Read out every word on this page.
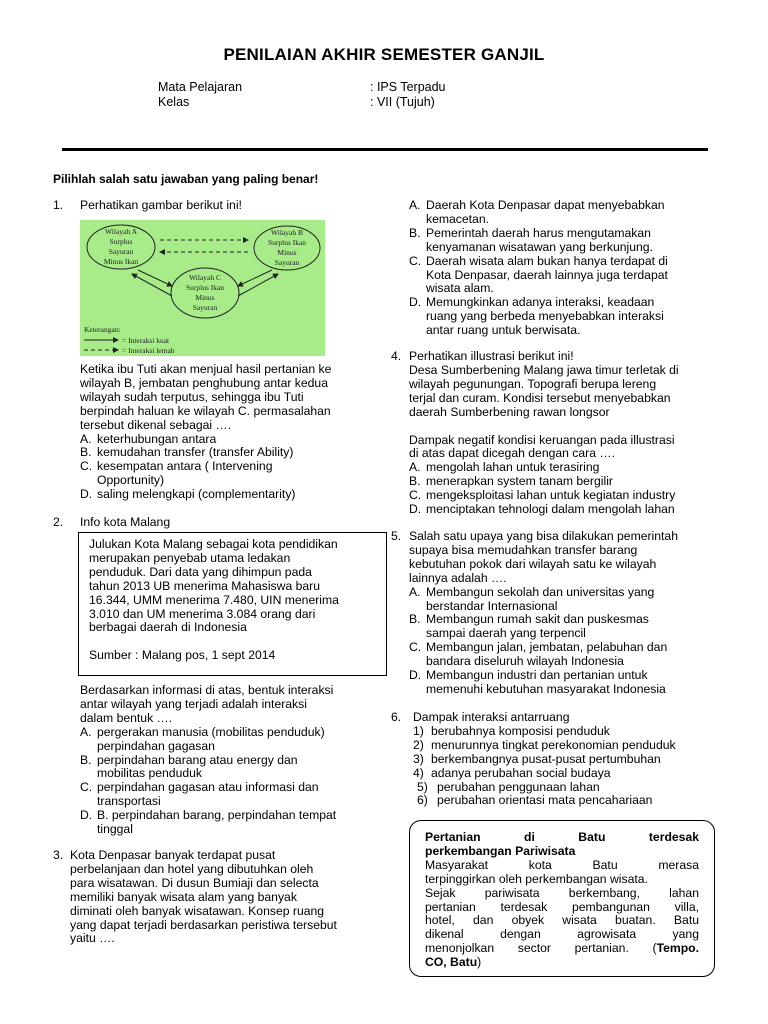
PENILAIAN AKHIR SEMESTER GANJIL
Mata Pelajaran	: IPS Terpadu
Kelas	: VII (Tujuh)
Pilihlah salah satu jawaban yang paling benar!
1. Perhatikan gambar berikut ini!

Wilayah A
Surplus
Sayuran
Minus Ikan
Wilayah B
Surplus Ikan
Minus
Sayuran
Wilayah C
Surplus Ikan
Minus
Sayuran
Keterangan:
= Interaksi kuat
= Interaksi lemah

Ketika ibu Tuti akan menjual hasil pertanian ke

wilayah B, jembatan penghubung antar kedua

wilayah sudah terputus, sehingga ibu Tuti

berpindah haluan ke wilayah C. permasalahan

tersebut dikenal sebagai ….

A. keterhubungan antara

B. kemudahan transfer (transfer Ability)

C. kesempatan antara ( Intervening

Opportunity)

D. saling melengkapi (complementarity)

2. Info kota Malang

Julukan Kota Malang sebagai kota pendidikan

merupakan penyebab utama ledakan

penduduk. Dari data yang dihimpun pada

tahun 2013 UB menerima Mahasiswa baru

16.344, UMM menerima 7.480, UIN menerima

3.010 dan UM menerima 3.084 orang dari

berbagai daerah di Indonesia

Sumber : Malang pos, 1 sept 2014

Berdasarkan informasi di atas, bentuk interaksi

antar wilayah yang terjadi adalah interaksi

dalam bentuk ….

A. pergerakan manusia (mobilitas penduduk)

perpindahan gagasan

B. perpindahan barang atau energy dan

mobilitas penduduk

C. perpindahan gagasan atau informasi dan

transportasi

D. B. perpindahan barang, perpindahan tempat

tinggal

3. Kota Denpasar banyak terdapat pusat

perbelanjaan dan hotel yang dibutuhkan oleh

para wisatawan. Di dusun Bumiaji dan selecta

memiliki banyak wisata alam yang banyak

diminati oleh banyak wisatawan. Konsep ruang

yang dapat terjadi berdasarkan peristiwa tersebut

yaitu ….

A. Daerah Kota Denpasar dapat menyebabkan

kemacetan.

B. Pemerintah daerah harus mengutamakan

kenyamanan wisatawan yang berkunjung.

C. Daerah wisata alam bukan hanya terdapat di

Kota Denpasar, daerah lainnya juga terdapat

wisata alam.

D. Memungkinkan adanya interaksi, keadaan

ruang yang berbeda menyebabkan interaksi

antar ruang untuk berwisata.

4. Perhatikan illustrasi berikut ini!

Desa Sumberbening Malang jawa timur terletak di

wilayah pegunungan. Topografi berupa lereng

terjal dan curam. Kondisi tersebut menyebabkan

daerah Sumberbening rawan longsor

Dampak negatif kondisi keruangan pada illustrasi

di atas dapat dicegah dengan cara ….

A. mengolah lahan untuk terasiring

B. menerapkan system tanam bergilir

C. mengeksploitasi lahan untuk kegiatan industry

D. menciptakan tehnologi dalam mengolah lahan

5. Salah satu upaya yang bisa dilakukan pemerintah

supaya bisa memudahkan transfer barang

kebutuhan pokok dari wilayah satu ke wilayah

lainnya adalah ….

A. Membangun sekolah dan universitas yang

berstandar Internasional

B. Membangun rumah sakit dan puskesmas

sampai daerah yang terpencil

C. Membangun jalan, jembatan, pelabuhan dan

bandara diseluruh wilayah Indonesia

D. Membangun industri dan pertanian untuk

memenuhi kebutuhan masyarakat Indonesia

6. Dampak interaksi antarruang

1) berubahnya komposisi penduduk
2) menurunnya tingkat perekonomian penduduk
3) berkembangnya pusat-pusat pertumbuhan
4) adanya perubahan social budaya
5) perubahan penggunaan lahan
6) perubahan orientasi mata pencahariaan

Pertanian di Batu terdesak

perkembangan Pariwisata

Masyarakat kota Batu merasa

terpinggirkan oleh perkembangan wisata.

Sejak pariwisata berkembang, lahan

pertanian terdesak pembangunan villa,

hotel, dan obyek wisata buatan. Batu

dikenal dengan agrowisata yang

menonjolkan sector pertanian. (Tempo.

CO, Batu)
